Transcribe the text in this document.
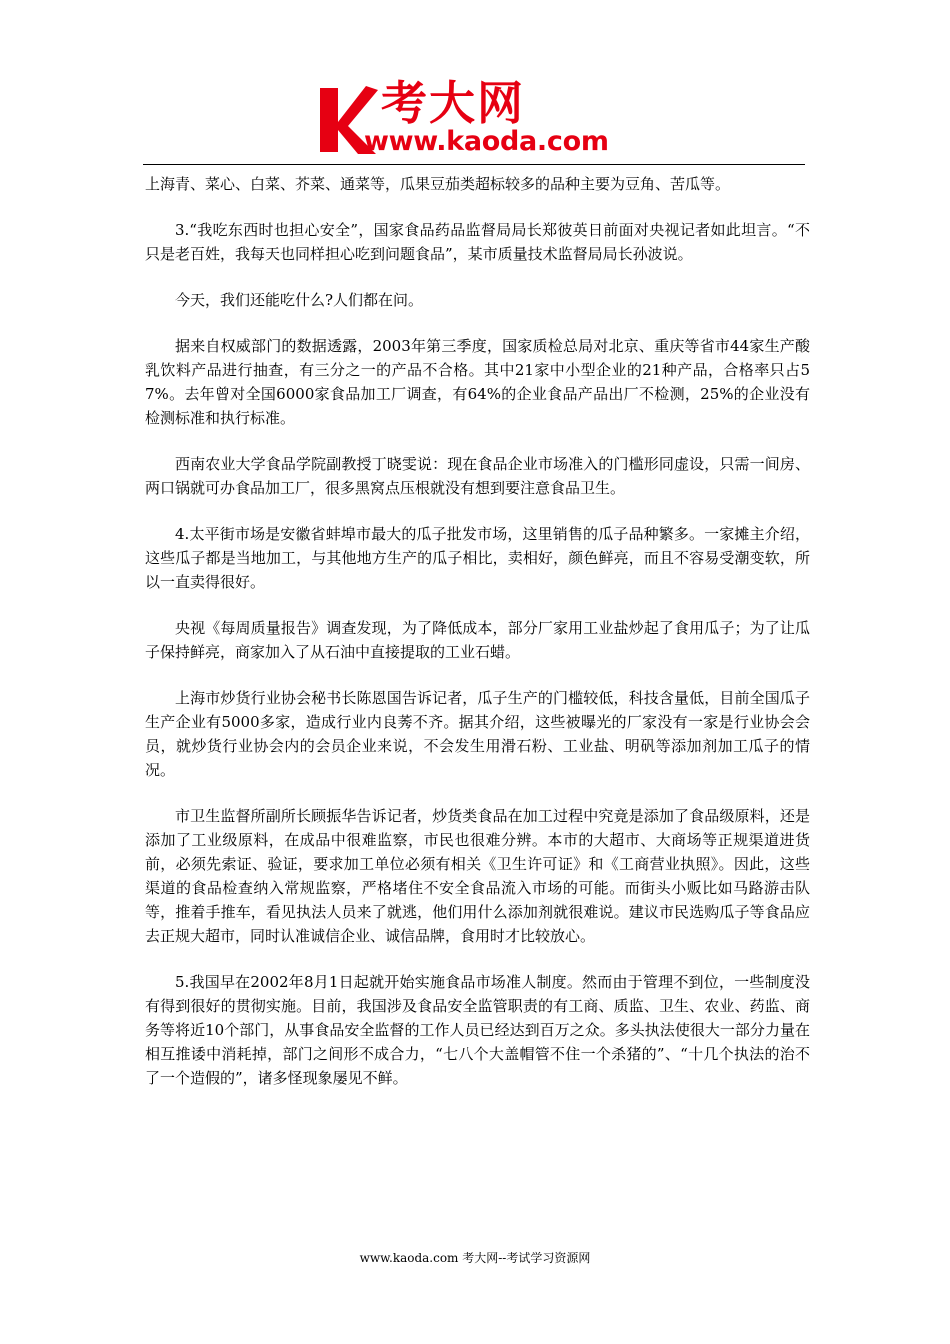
考大网
www.kaoda.com

上海青、菜心、白菜、芥菜、通菜等，瓜果豆茄类超标较多的品种主要为豆角、苦瓜等。

3.“我吃东西时也担心安全”，国家食品药品监督局局长郑彼英日前面对央视记者如此坦言。“不只是老百姓，我每天也同样担心吃到问题食品”，某市质量技术监督局局长孙波说。

今天，我们还能吃什么?人们都在问。

据来自权威部门的数据透露，2003年第三季度，国家质检总局对北京、重庆等省市44家生产酸乳饮料产品进行抽查，有三分之一的产品不合格。其中21家中小型企业的21种产品，合格率只占57%。去年曾对全国6000家食品加工厂调查，有64%的企业食品产品出厂不检测，25%的企业没有检测标准和执行标准。

西南农业大学食品学院副教授丁晓雯说：现在食品企业市场准入的门槛形同虚设，只需一间房、两口锅就可办食品加工厂，很多黑窝点压根就没有想到要注意食品卫生。

4.太平街市场是安徽省蚌埠市最大的瓜子批发市场，这里销售的瓜子品种繁多。一家摊主介绍，这些瓜子都是当地加工，与其他地方生产的瓜子相比，卖相好，颜色鲜亮，而且不容易受潮变软，所以一直卖得很好。

央视《每周质量报告》调查发现，为了降低成本，部分厂家用工业盐炒起了食用瓜子；为了让瓜子保持鲜亮，商家加入了从石油中直接提取的工业石蜡。

上海市炒货行业协会秘书长陈恩国告诉记者，瓜子生产的门槛较低，科技含量低，目前全国瓜子生产企业有5000多家，造成行业内良莠不齐。据其介绍，这些被曝光的厂家没有一家是行业协会会员，就炒货行业协会内的会员企业来说，不会发生用滑石粉、工业盐、明矾等添加剂加工瓜子的情况。

市卫生监督所副所长顾振华告诉记者，炒货类食品在加工过程中究竟是添加了食品级原料，还是添加了工业级原料，在成品中很难监察，市民也很难分辨。本市的大超市、大商场等正规渠道进货前，必须先索证、验证，要求加工单位必须有相关《卫生许可证》和《工商营业执照》。因此，这些渠道的食品检查纳入常规监察，严格堵住不安全食品流入市场的可能。而街头小贩比如马路游击队等，推着手推车，看见执法人员来了就逃，他们用什么添加剂就很难说。建议市民选购瓜子等食品应去正规大超市，同时认准诚信企业、诚信品牌，食用时才比较放心。

5.我国早在2002年8月1日起就开始实施食品市场准人制度。然而由于管理不到位，一些制度没有得到很好的贯彻实施。目前，我国涉及食品安全监管职责的有工商、质监、卫生、农业、药监、商务等将近10个部门，从事食品安全监督的工作人员已经达到百万之众。多头执法使很大一部分力量在相互推诿中消耗掉，部门之间形不成合力，“七八个大盖帽管不住一个杀猪的”、“十几个执法的治不了一个造假的”，诸多怪现象屡见不鲜。

www.kaoda.com 考大网--考试学习资源网
